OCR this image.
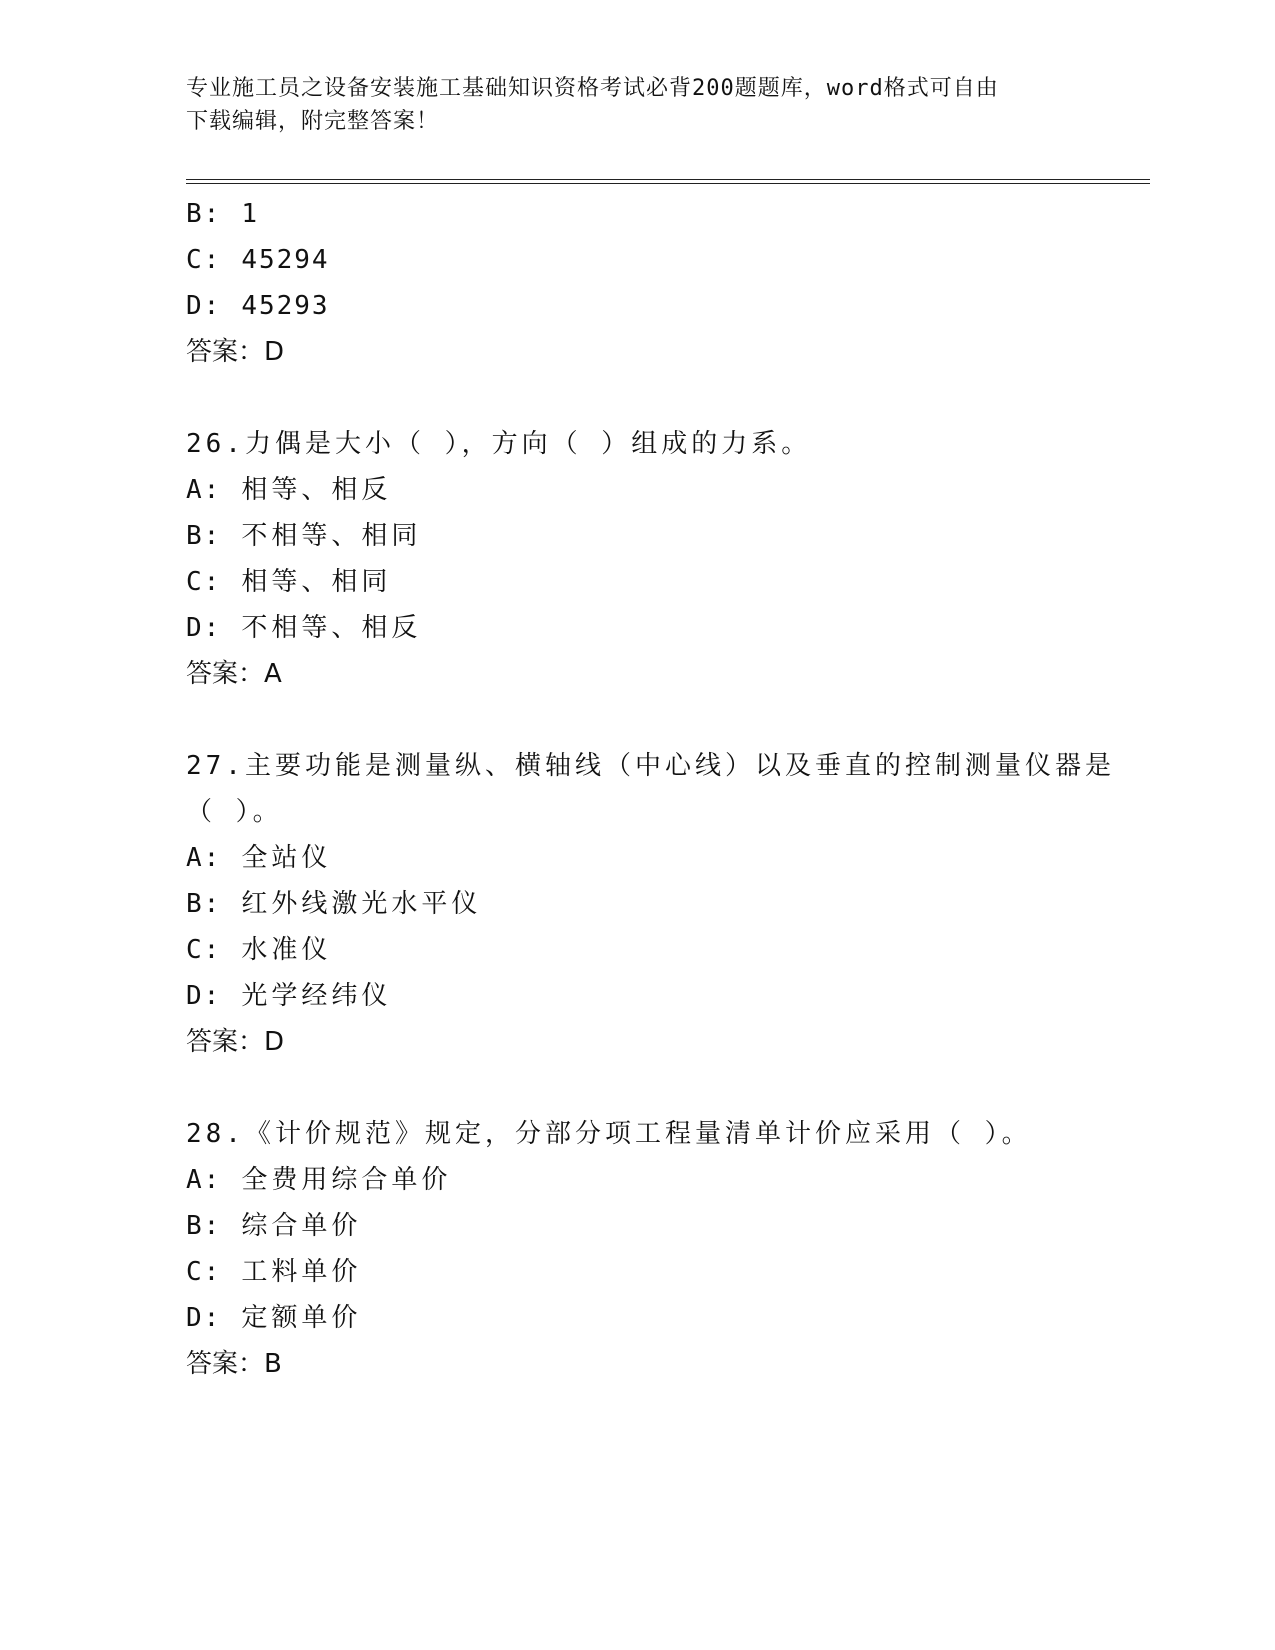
专业施工员之设备安装施工基础知识资格考试必背200题题库，word格式可自由
下载编辑，附完整答案！
B: 1
C: 45294
D: 45293
答案：D
26.力偶是大小（ ），方向（ ）组成的力系。
A: 相等、相反
B: 不相等、相同
C: 相等、相同
D: 不相等、相反
答案：A
27.主要功能是测量纵、横轴线（中心线）以及垂直的控制测量仪器是
（ ）。
A: 全站仪
B: 红外线激光水平仪
C: 水准仪
D: 光学经纬仪
答案：D
28.《计价规范》规定，分部分项工程量清单计价应采用（ ）。
A: 全费用综合单价
B: 综合单价
C: 工料单价
D: 定额单价
答案：B
